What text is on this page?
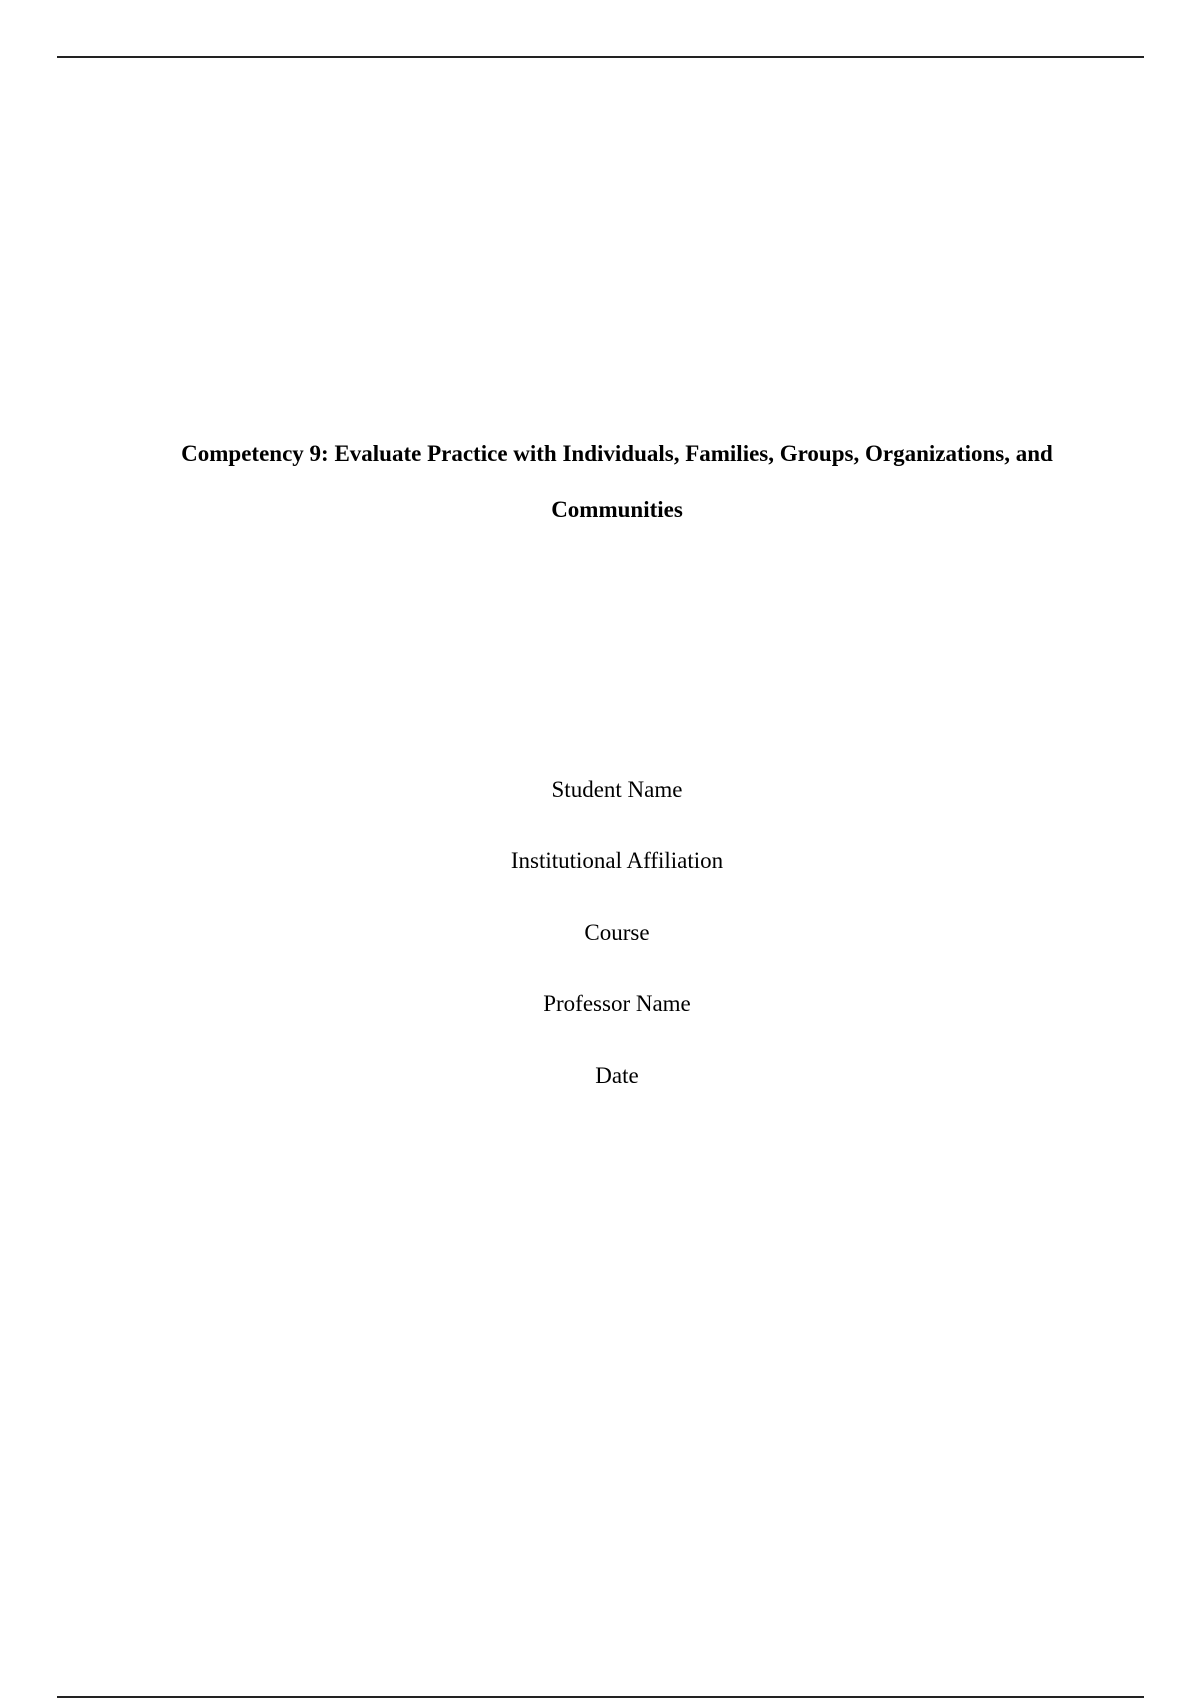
Competency 9: Evaluate Practice with Individuals, Families, Groups, Organizations, and
Communities
Student Name
Institutional Affiliation
Course
Professor Name
Date
